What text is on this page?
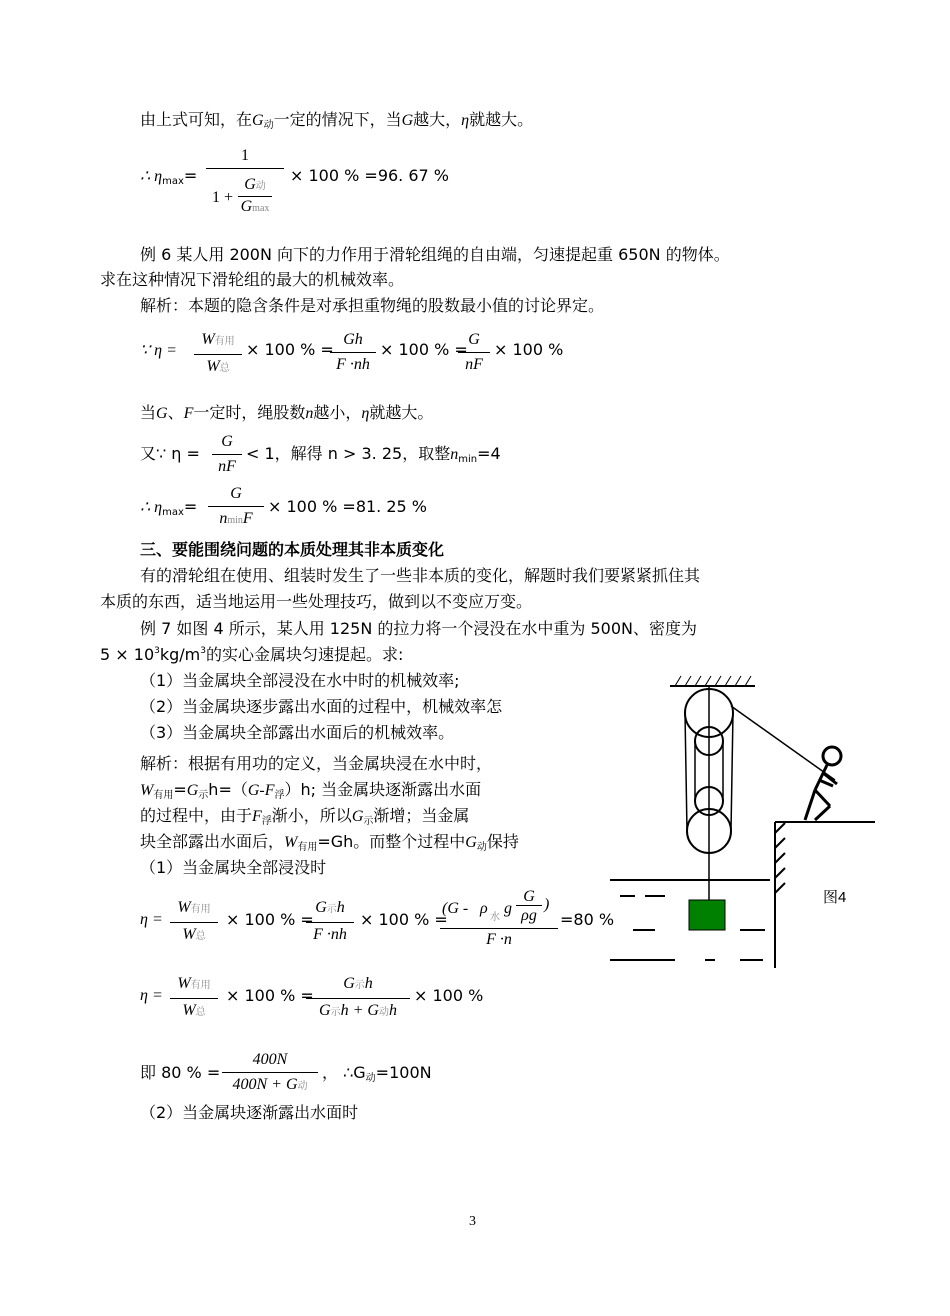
由上式可知，在G动一定的情况下，当G越大，η就越大。
∴ ηmax=
1
1 +
G动
Gmax
× 100 % =96. 67 %
例 6 某人用 200N 向下的力作用于滑轮组绳的自由端，匀速提起重 650N 的物体。
求在这种情况下滑轮组的最大的机械效率。
解析：本题的隐含条件是对承担重物绳的股数最小值的讨论界定。
∵ η =
W有用
W总
× 100 % =
$\frac{Gh}{F \cdot nh} \times 100$ % =
$\frac{G}{nF} \times 100$ %
当G、F一定时，绳股数n越小，η就越大。
又∵ $\eta = \frac{G}{nF} < 1$，解得 n > 3. 25，取整nmin=4
∴ ηmax=
G
nminF
× 100 % =81. 25 %
三、要能围绕问题的本质处理其非本质变化
有的滑轮组在使用、组装时发生了一些非本质的变化，解题时我们要紧紧抓住其
本质的东西，适当地运用一些处理技巧，做到以不变应万变。
例 7 如图 4 所示，某人用 125N 的拉力将一个浸没在水中重为 500N、密度为
$5 \times 10^3kg/m^3$的实心金属块匀速提起。求:
（1）当金属块全部浸没在水中时的机械效率;
（2）当金属块逐步露出水面的过程中，机械效率怎
（3）当金属块全部露出水面后的机械效率。
解析：根据有用功的定义，当金属块浸在水中时，
W有用=G示h=（G-F浮）h; 当金属块逐渐露出水面
的过程中，由于F浮渐小，所以G示渐增；当金属
块全部露出水面后，W有用=Gh。而整个过程中G动保持
（1）当金属块全部浸没时
η =
W有用
W总
× 100 % =
G示h
F ·nh
× 100 % =
(G - ρ
水
g
G
ρg
)
F ·n
=80 %
η =
W有用
W总
× 100 % =
G示h
G示h + G动h
× 100 %
即 80 % =
400N
400N + G动
， ∴G动=100N
（2）当金属块逐渐露出水面时
图4
3
